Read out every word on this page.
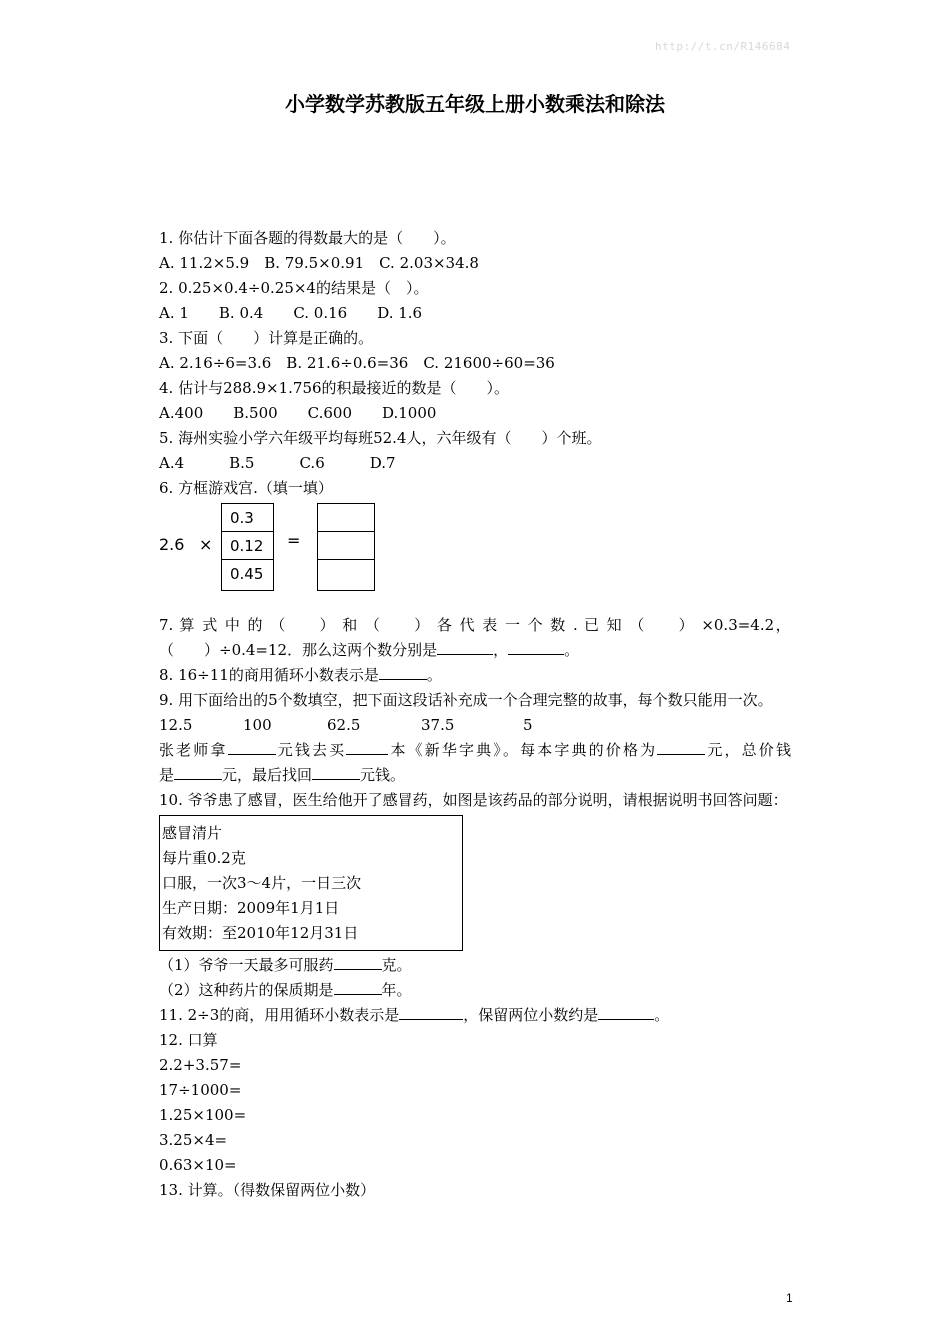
http://t.cn/R146684
小学数学苏教版五年级上册小数乘法和除法
1. 你估计下面各题的得数最大的是（　　）。
A. 11.2×5.9　B. 79.5×0.91　C. 2.03×34.8
2. 0.25×0.4÷0.25×4的结果是（　）。
A. 1　　B. 0.4　　C. 0.16　　D. 1.6
3. 下面（　　）计算是正确的。
A. 2.16÷6=3.6　B. 21.6÷0.6=36　C. 21600÷60=36
4. 估计与288.9×1.756的积最接近的数是（　　）。
A.400　　B.500　　C.600　　D.1000
5. 海州实验小学六年级平均每班52.4人，六年级有（　　）个班。
A.4　　　B.5　　　C.6　　　D.7
6. 方框游戏宫.（填一填）
2.6 ×
0.3
0.12
0.45
=
7. 算 式 中 的 （　　） 和 （　　） 各 代 表 一 个 数 . 已 知 （　　） ×0.3=4.2，
（　　）÷0.4=12．那么这两个数分别是	，	。
8. 16÷11的商用循环小数表示是	。
9. 用下面给出的5个数填空，把下面这段话补充成一个合理完整的故事，每个数只能用一次。
12.5	100	62.5	37.5	5
张老师拿	元钱去买	本《新华字典》。每本字典的价格为	元，总价钱
是	元，最后找回	元钱。
10. 爷爷患了感冒，医生给他开了感冒药，如图是该药品的部分说明，请根据说明书回答问题：
感冒清片
每片重0.2克
口服，一次3～4片，一日三次
生产日期：2009年1月1日
有效期：至2010年12月31日
（1）爷爷一天最多可服药	克。
（2）这种药片的保质期是	年。
11. 2÷3的商，用用循环小数表示是	，保留两位小数约是	。
12. 口算
2.2+3.57=
17÷1000=
1.25×100=
3.25×4=
0.63×10=
13. 计算。（得数保留两位小数）
1
